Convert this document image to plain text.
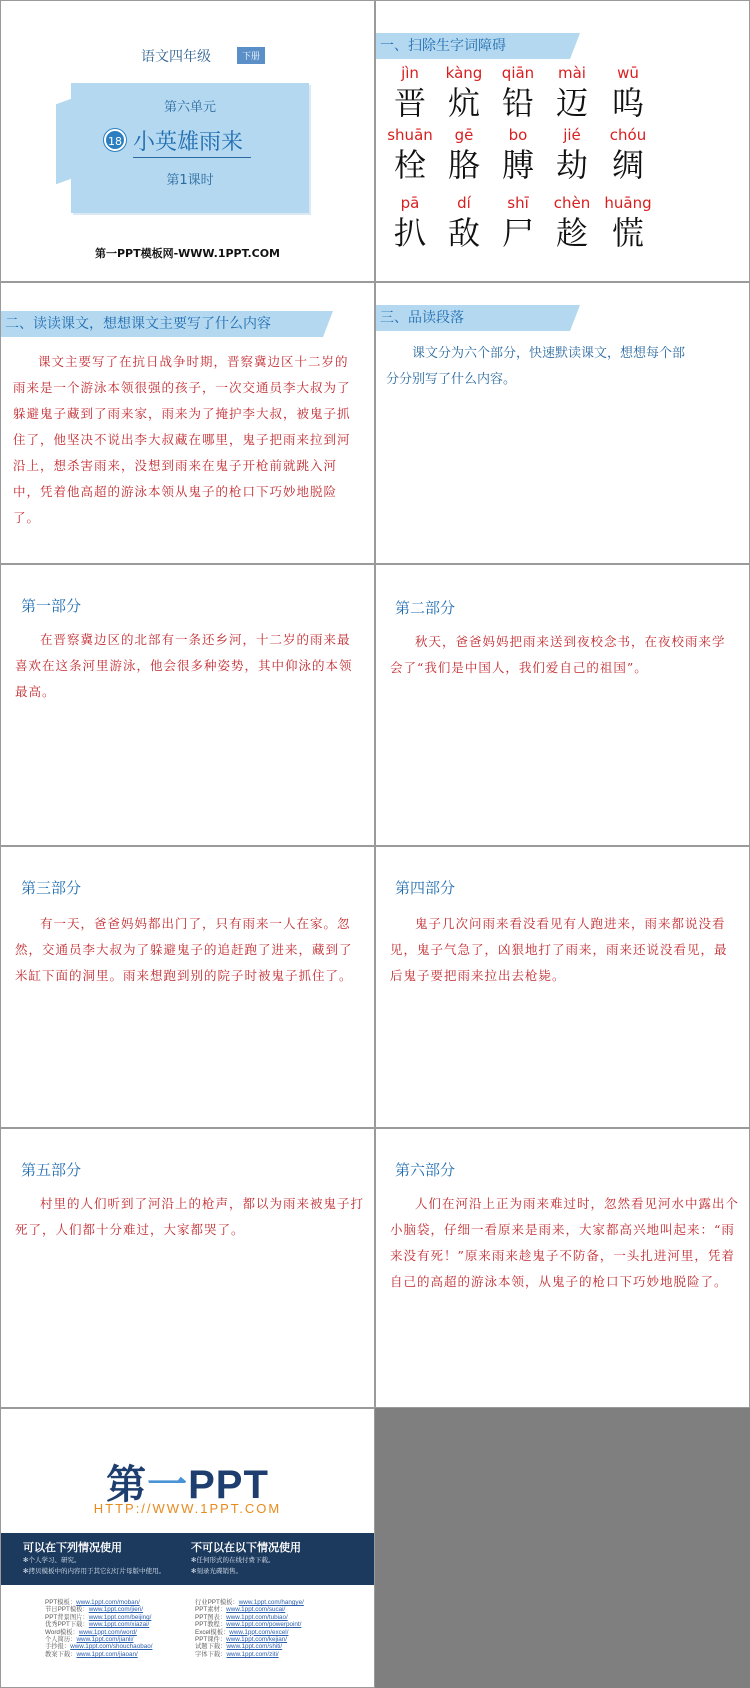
语文四年级	下册
第六单元
18 小英雄雨来
第1课时
第一PPT模板网-WWW.1PPT.COM
一、扫除生字词障碍
jìn
晋
kàng
炕
qiān
铅
mài
迈
wū
呜
shuān
栓
gē
胳
bo
膊
jié
劫
chóu
绸
pā
扒
dí
敌
shī
尸
chèn
趁
huāng
慌
二、读读课文，想想课文主要写了什么内容
课文主要写了在抗日战争时期，晋察冀边区十二岁的雨来是一个游泳本领很强的孩子，一次交通员李大叔为了躲避鬼子藏到了雨来家，雨来为了掩护李大叔，被鬼子抓住了，他坚决不说出李大叔藏在哪里，鬼子把雨来拉到河沿上，想杀害雨来，没想到雨来在鬼子开枪前就跳入河中，凭着他高超的游泳本领从鬼子的枪口下巧妙地脱险了。
三、品读段落
课文分为六个部分，快速默读课文，想想每个部分分别写了什么内容。
第一部分
在晋察冀边区的北部有一条还乡河，十二岁的雨来最喜欢在这条河里游泳，他会很多种姿势，其中仰泳的本领最高。
第二部分
秋天，爸爸妈妈把雨来送到夜校念书，在夜校雨来学会了“我们是中国人，我们爱自己的祖国”。
第三部分
有一天，爸爸妈妈都出门了，只有雨来一人在家。忽然，交通员李大叔为了躲避鬼子的追赶跑了进来，藏到了米缸下面的洞里。雨来想跑到别的院子时被鬼子抓住了。
第四部分
鬼子几次问雨来看没看见有人跑进来，雨来都说没看见，鬼子气急了，凶狠地打了雨来，雨来还说没看见，最后鬼子要把雨来拉出去枪毙。
第五部分
村里的人们听到了河沿上的枪声，都以为雨来被鬼子打死了，人们都十分难过，大家都哭了。
第六部分
人们在河沿上正为雨来难过时，忽然看见河水中露出个小脑袋，仔细一看原来是雨来，大家都高兴地叫起来：“雨来没有死！”原来雨来趁鬼子不防备，一头扎进河里，凭着自己的高超的游泳本领，从鬼子的枪口下巧妙地脱险了。
第一PPT
HTTP://WWW.1PPT.COM
可以在下列情况使用
✻个人学习、研究。
✻拷贝模板中的内容用于其它幻灯片母版中使用。
不可以在以下情况使用
✻任何形式的在线付费下载。
✻刻录光碟销售。
PPT模板：www.1ppt.com/moban/
节日PPT模板：www.1ppt.com/jieri/
PPT背景图片：www.1ppt.com/beijing/
优秀PPT下载：www.1ppt.com/xiazai/
Word模板：www.1ppt.com/word/
个人简历：www.1ppt.com/jianli/
手抄报：www.1ppt.com/shouchaobao/
教案下载：www.1ppt.com/jiaoan/
行业PPT模板：www.1ppt.com/hangye/
PPT素材：www.1ppt.com/sucai/
PPT图表：www.1ppt.com/tubiao/
PPT教程：www.1ppt.com/powerpoint/
Excel模板：www.1ppt.com/excel/
PPT课件：www.1ppt.com/kejian/
试题下载：www.1ppt.com/shiti/
字体下载：www.1ppt.com/ziti/
